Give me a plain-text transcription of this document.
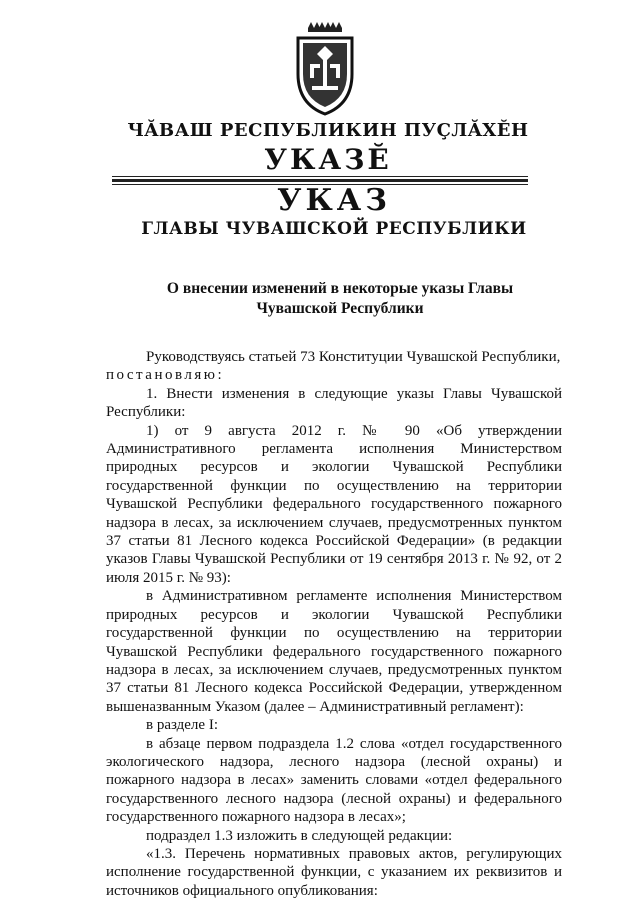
ЧĂВАШ РЕСПУБЛИКИН ПУÇЛĂХĔН
УКАЗĔ
УКАЗ
ГЛАВЫ ЧУВАШСКОЙ РЕСПУБЛИКИ
О внесении изменений в некоторые указы Главы
Чувашской Республики

Руководствуясь статьей 73 Конституции Чувашской Республики,
постановляю:

1. Внести изменения в следующие указы Главы Чувашской Республики:

1) от 9 августа 2012 г. № 90 «Об утверждении Административного регламента исполнения Министерством природных ресурсов и экологии Чувашской Республики государственной функции по осуществлению на территории Чувашской Республики федерального государственного пожарного надзора в лесах, за исключением случаев, предусмотренных пунктом 37 статьи 81 Лесного кодекса Российской Федерации» (в редакции указов Главы Чувашской Республики от 19 сентября 2013 г. № 92, от 2 июля 2015 г. № 93):

в Административном регламенте исполнения Министерством природных ресурсов и экологии Чувашской Республики государственной функции по осуществлению на территории Чувашской Республики федерального государственного пожарного надзора в лесах, за исключением случаев, предусмотренных пунктом 37 статьи 81 Лесного кодекса Российской Федерации, утвержденном вышеназванным Указом (далее – Административный регламент):

в разделе I:

в абзаце первом подраздела 1.2 слова «отдел государственного экологического надзора, лесного надзора (лесной охраны) и пожарного надзора в лесах» заменить словами «отдел федерального государственного лесного надзора (лесной охраны) и федерального государственного пожарного надзора в лесах»;

подраздел 1.3 изложить в следующей редакции:

«1.3. Перечень нормативных правовых актов, регулирующих исполнение государственной функции, с указанием их реквизитов и источников официального опубликования:
